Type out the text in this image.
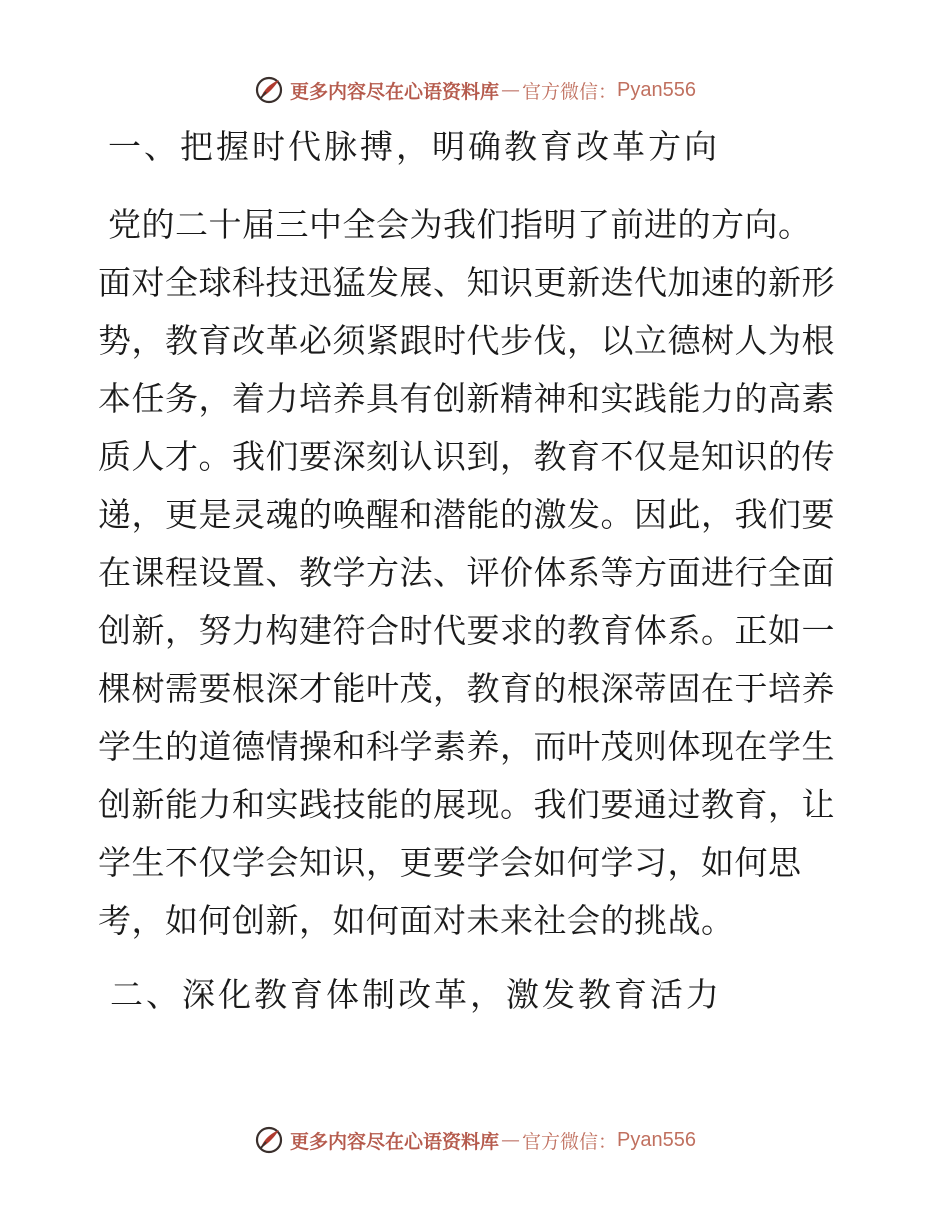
更多内容尽在心语资料库 — 官方微信： Pyan556
一、把握时代脉搏，明确教育改革方向
党的二十届三中全会为我们指明了前进的方向。
面对全球科技迅猛发展、知识更新迭代加速的新形
势，教育改革必须紧跟时代步伐，以立德树人为根
本任务，着力培养具有创新精神和实践能力的高素
质人才。我们要深刻认识到，教育不仅是知识的传
递，更是灵魂的唤醒和潜能的激发。因此，我们要
在课程设置、教学方法、评价体系等方面进行全面
创新，努力构建符合时代要求的教育体系。正如一
棵树需要根深才能叶茂，教育的根深蒂固在于培养
学生的道德情操和科学素养，而叶茂则体现在学生
创新能力和实践技能的展现。我们要通过教育，让
学生不仅学会知识，更要学会如何学习，如何思
考，如何创新，如何面对未来社会的挑战。
二、深化教育体制改革，激发教育活力
更多内容尽在心语资料库 — 官方微信： Pyan556
